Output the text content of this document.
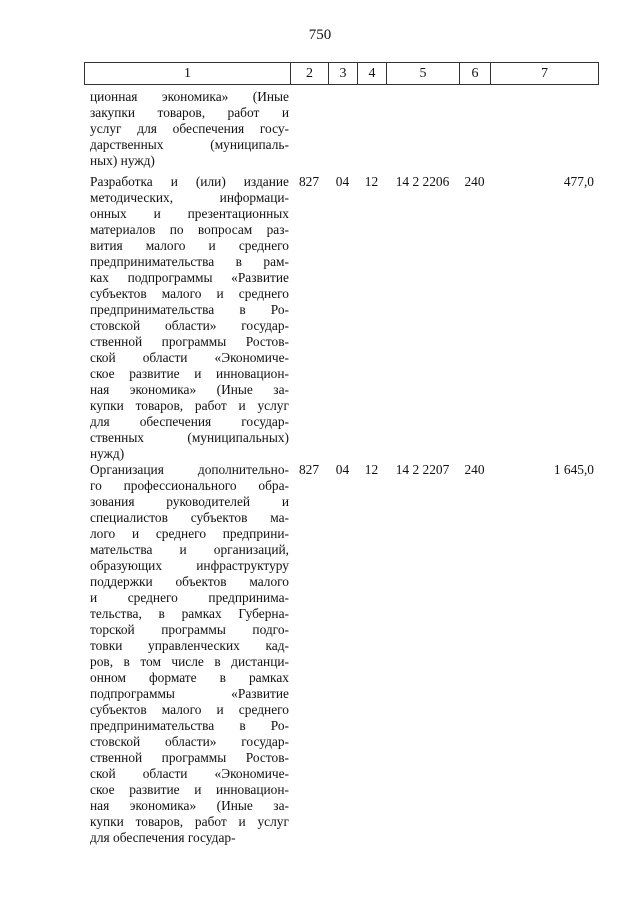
750
1	2	3	4	5	6	7
ционная экономика» (Иные
закупки товаров, работ и
услуг для обеспечения госу-
дарственных (муниципаль-
ных) нужд)
Разработка и (или) издание
методических, информаци-
онных и презентационных
материалов по вопросам раз-
вития малого и среднего
предпринимательства в рам-
ках подпрограммы «Развитие
субъектов малого и среднего
предпринимательства в Ро-
стовской области» государ-
ственной программы Ростов-
ской области «Экономиче-
ское развитие и инновацион-
ная экономика» (Иные за-
купки товаров, работ и услуг
для обеспечения государ-
ственных (муниципальных)
нужд)
827	04	12	14 2 2206	240	477,0
Организация дополнительно-
го профессионального обра-
зования руководителей и
специалистов субъектов ма-
лого и среднего предприни-
мательства и организаций,
образующих инфраструктуру
поддержки объектов малого
и среднего предпринима-
тельства, в рамках Губерна-
торской программы подго-
товки управленческих кад-
ров, в том числе в дистанци-
онном формате в рамках
подпрограммы «Развитие
субъектов малого и среднего
предпринимательства в Ро-
стовской области» государ-
ственной программы Ростов-
ской области «Экономиче-
ское развитие и инновацион-
ная экономика» (Иные за-
купки товаров, работ и услуг
для обеспечения государ-
827	04	12	14 2 2207	240	1 645,0
